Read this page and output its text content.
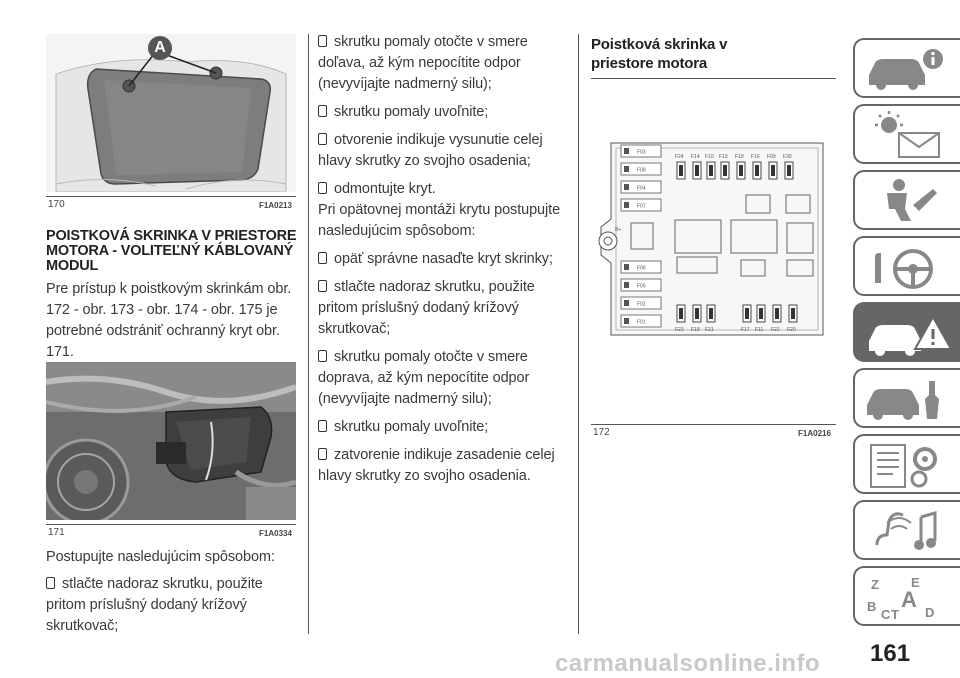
A
170	F1A0213
POISTKOVÁ SKRINKA V PRIESTORE MOTORA - VOLITEĽNÝ KÁBLOVANÝ MODUL

Pre prístup k poistkovým skrinkám obr. 172 - obr. 173 - obr. 174 - obr. 175 je potrebné odstrániť ochranný kryt obr. 171.

171	F1A0334

Postupujte nasledujúcim spôsobom:

stlačte nadoraz skrutku, použite pritom príslušný dodaný krížový skrutkovač;

skrutku pomaly otočte v smere doľava, až kým nepocítite odpor (nevyvíjajte nadmerný silu);

skrutku pomaly uvoľnite;

otvorenie indikuje vysunutie celej hlavy skrutky zo svojho osadenia;

odmontujte kryt.

Pri opätovnej montáži krytu postupujte nasledujúcim spôsobom:

opäť správne nasaďte kryt skrinky;

stlačte nadoraz skrutku, použite pritom príslušný dodaný krížový skrutkovač;

skrutku pomaly otočte v smere doprava, až kým nepocítite odpor (nevyvíjajte nadmerný silu);

skrutku pomaly uvoľnite;

zatvorenie indikuje zasadenie celej hlavy skrutky zo svojho osadenia.

Poistková skrinka v priestore motora
B+
F03
F08
F04
F07
F06
F05
F02
F01
F24 F14 F10 F13 F19 F16 F09 F30
F23 F18 F21	F17 F11 F22 F20
172	F1A0216
Z E
A
B
C T D
161
carmanualsonline.info
